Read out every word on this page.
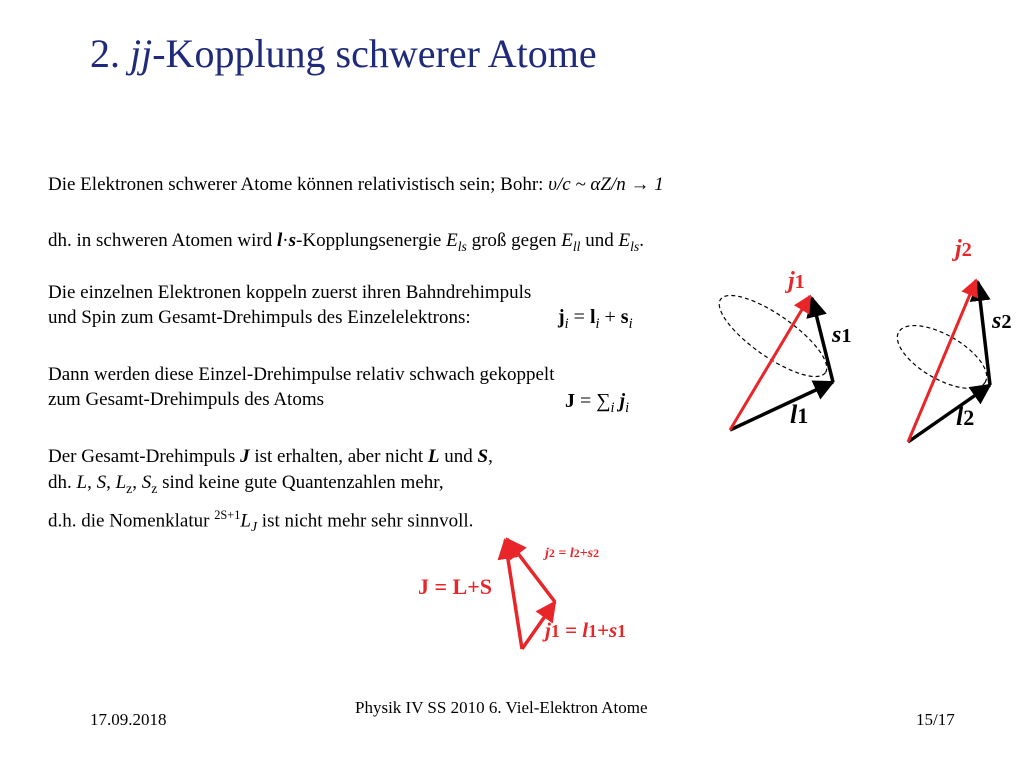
2. jj-Kopplung schwerer Atome
Die Elektronen schwerer Atome können relativistisch sein; Bohr: υ/c ~ αZ/n → 1
dh. in schweren Atomen wird l·s-Kopplungsenergie $E_{ls}$ groß gegen $E_{ll}$ und $E_{ls}$.
Die einzelnen Elektronen koppeln zuerst ihren Bahndrehimpuls
und Spin zum Gesamt-Drehimpuls des Einzelelektrons:	$j_i = l_i + s_i$
Dann werden diese Einzel-Drehimpulse relativ schwach gekoppelt
zum Gesamt-Drehimpuls des Atoms	$J = \sum_i$ $j_i$
Der Gesamt-Drehimpuls J ist erhalten, aber nicht L und S,
dh. L, S, $L_z$, $S_z$ sind keine gute Quantenzahlen mehr,
d.h. die Nomenklatur $^{2S+1}L_J$ ist nicht mehr sehr sinnvoll.
j1
s1
l1
j2
s2
l2
j2 = l2+s2
J = L+S
j1 = l1+s1
17.09.2018
Physik IV SS 2010 6. Viel-Elektron Atome
15/17
